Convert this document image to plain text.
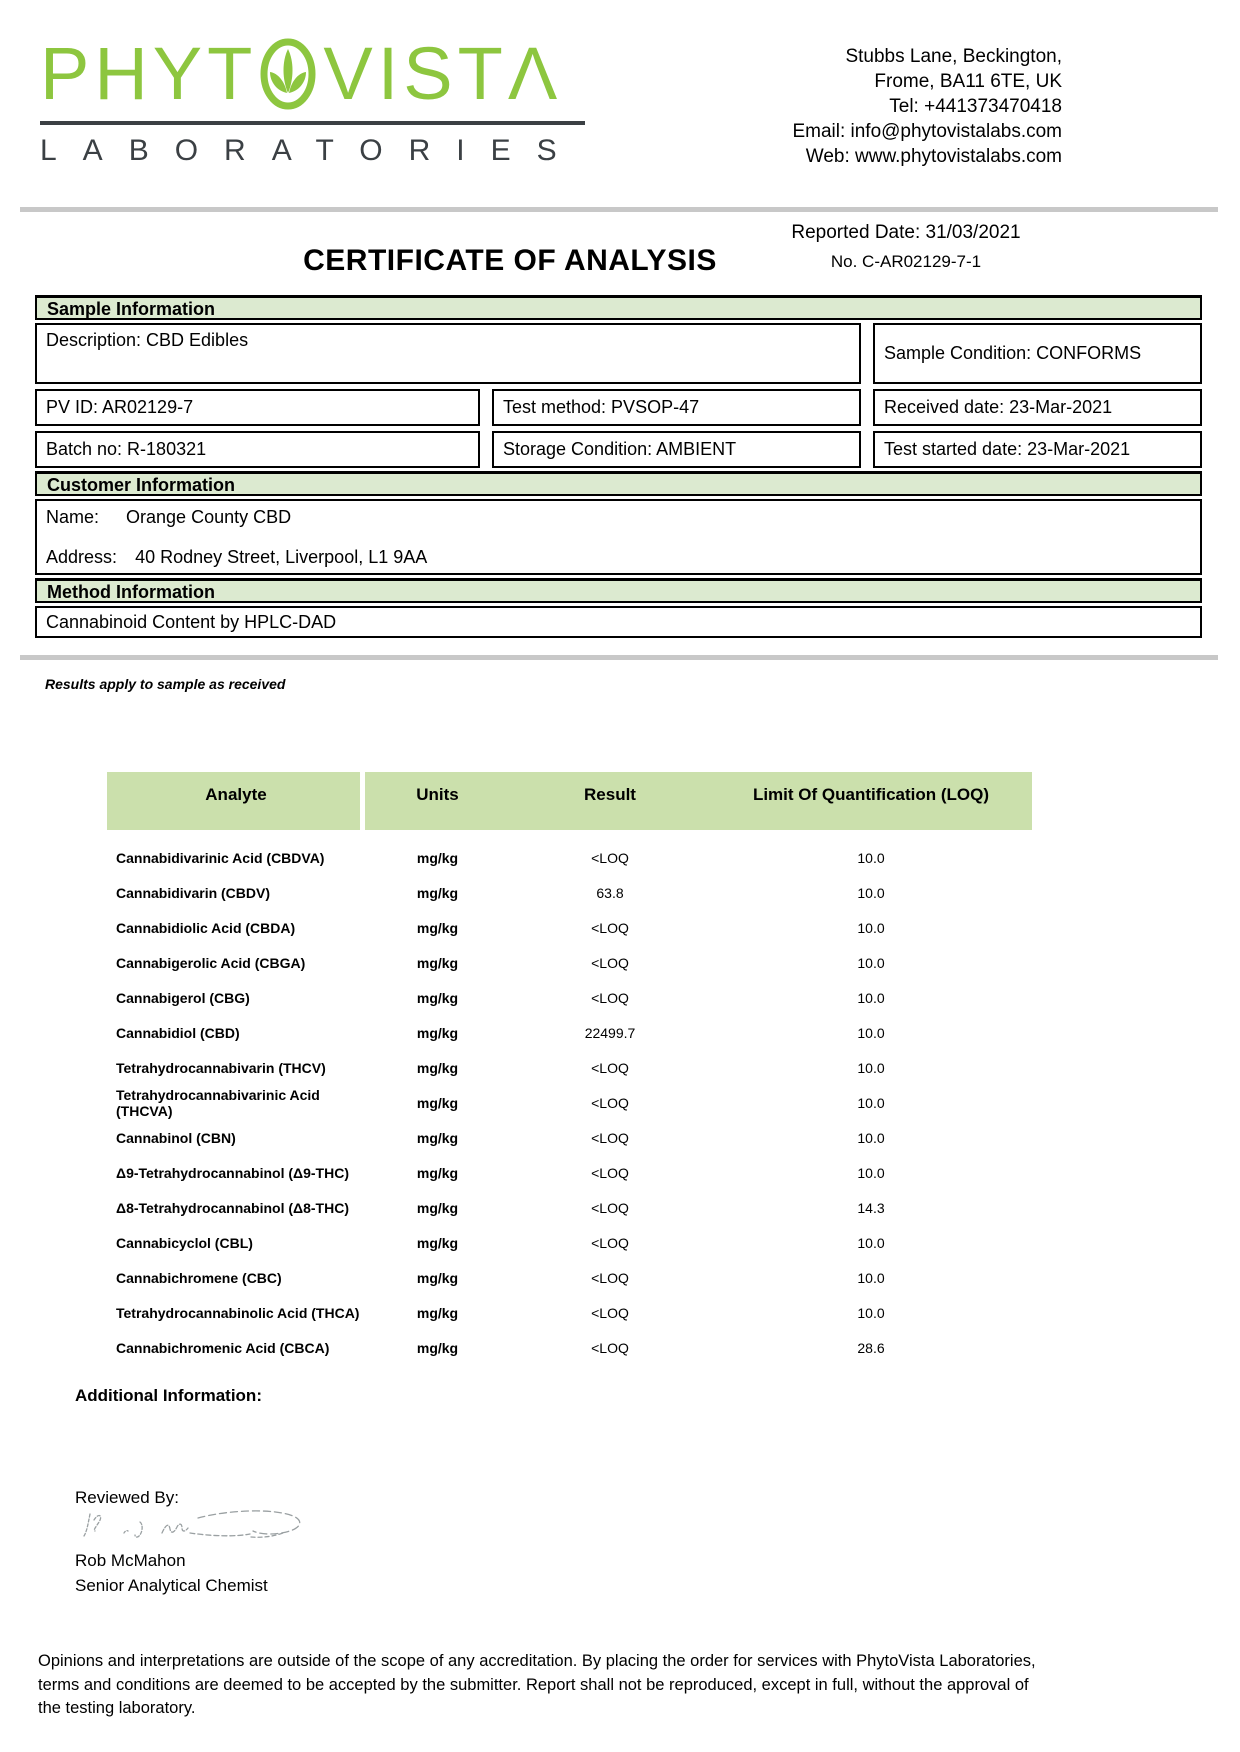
PHYT VISTΛ
LABORATORIES
Stubbs Lane, Beckington,
Frome, BA11 6TE, UK
Tel: +441373470418
Email: info@phytovistalabs.com
Web: www.phytovistalabs.com
Reported Date: 31/03/2021
No. C-AR02129-7-1
CERTIFICATE OF ANALYSIS
Sample Information
Description: CBD Edibles
Sample Condition: CONFORMS
PV ID: AR02129-7	Test method: PVSOP-47	Received date: 23-Mar-2021
Batch no: R-180321	Storage Condition: AMBIENT	Test started date: 23-Mar-2021
Customer Information
Name: Orange County CBD
Address: 40 Rodney Street, Liverpool, L1 9AA
Method Information
Cannabinoid Content by HPLC-DAD
Results apply to sample as received
Analyte	Units	Result	Limit Of Quantification (LOQ)
Cannabidivarinic Acid (CBDVA)	mg/kg	<LOQ	10.0
Cannabidivarin (CBDV)	mg/kg	63.8	10.0
Cannabidiolic Acid (CBDA)	mg/kg	<LOQ	10.0
Cannabigerolic Acid (CBGA)	mg/kg	<LOQ	10.0
Cannabigerol (CBG)	mg/kg	<LOQ	10.0
Cannabidiol (CBD)	mg/kg	22499.7	10.0
Tetrahydrocannabivarin (THCV)	mg/kg	<LOQ	10.0
Tetrahydrocannabivarinic Acid (THCVA)	mg/kg	<LOQ	10.0
Cannabinol (CBN)	mg/kg	<LOQ	10.0
Δ9-Tetrahydrocannabinol (Δ9-THC)	mg/kg	<LOQ	10.0
Δ8-Tetrahydrocannabinol (Δ8-THC)	mg/kg	<LOQ	14.3
Cannabicyclol (CBL)	mg/kg	<LOQ	10.0
Cannabichromene (CBC)	mg/kg	<LOQ	10.0
Tetrahydrocannabinolic Acid (THCA)	mg/kg	<LOQ	10.0
Cannabichromenic Acid (CBCA)	mg/kg	<LOQ	28.6
Additional Information:
Reviewed By:
Rob McMahon
Senior Analytical Chemist
Opinions and interpretations are outside of the scope of any accreditation. By placing the order for services with PhytoVista Laboratories,
terms and conditions are deemed to be accepted by the submitter. Report shall not be reproduced, except in full, without the approval of
the testing laboratory.
